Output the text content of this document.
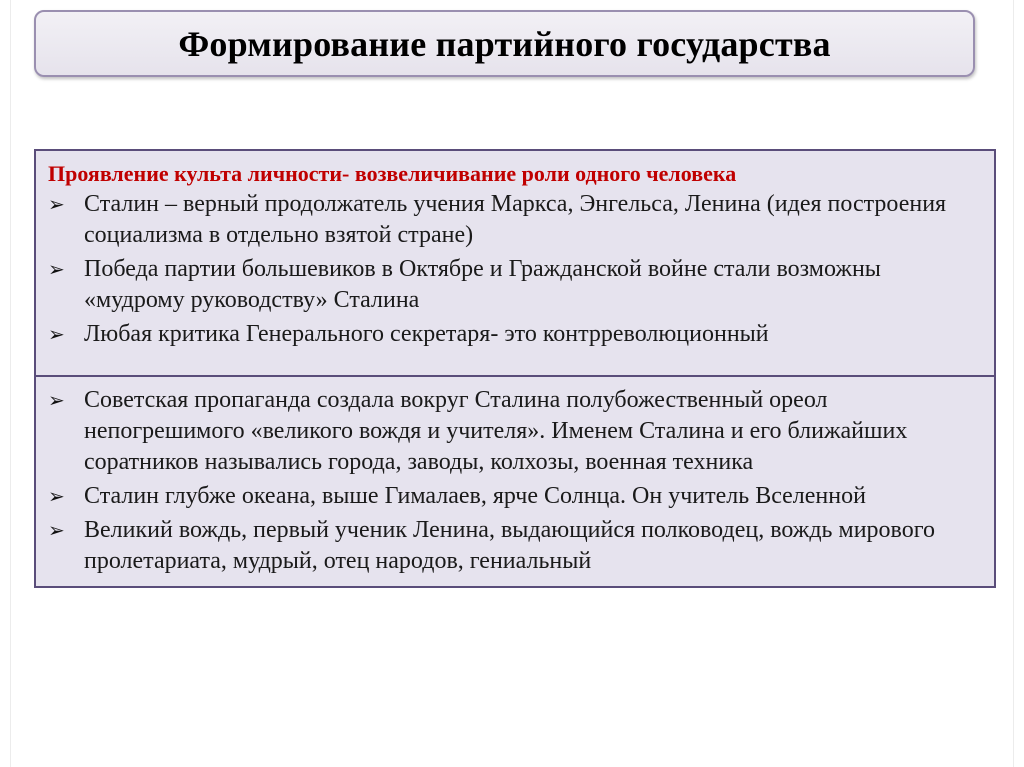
Формирование партийного государства

Проявление культа личности- возвеличивание роли одного человека

➢ Сталин – верный продолжатель учения Маркса, Энгельса, Ленина (идея построения социализма в отдельно взятой стране)
➢ Победа партии большевиков в Октябре и Гражданской войне стали возможны «мудрому руководству» Сталина
➢ Любая критика Генерального секретаря- это контрреволюционный
➢ Советская пропаганда создала вокруг Сталина полубожественный ореол непогрешимого «великого вождя и учителя». Именем Сталина и его ближайших соратников назывались города, заводы, колхозы, военная техника
➢ Сталин глубже океана, выше Гималаев, ярче Солнца. Он учитель Вселенной
➢ Великий вождь, первый ученик Ленина, выдающийся полководец, вождь мирового пролетариата, мудрый, отец народов, гениальный
